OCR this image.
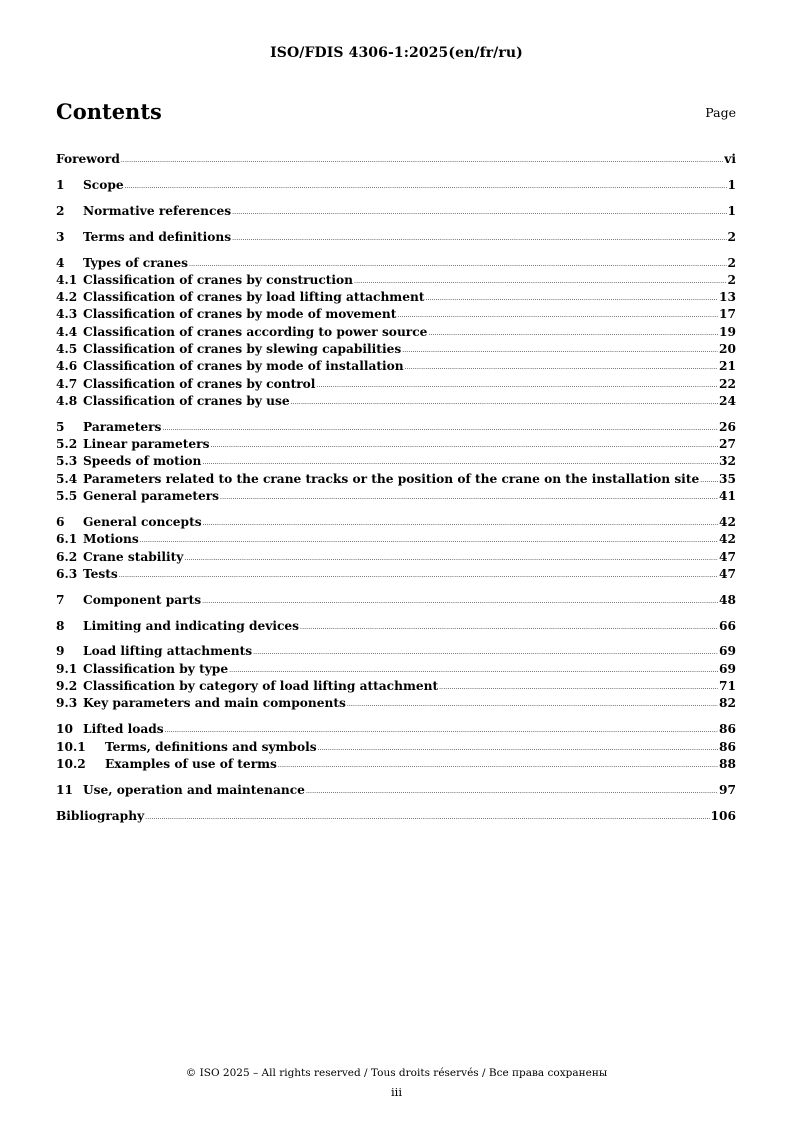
ISO/FDIS 4306-1:2025(en/fr/ru)
Contents	Page
Foreword .....	vi
1	Scope .....	1
2	Normative references .....	1
3	Terms and definitions .....	2
4	Types of cranes .....	2
4.1 Classification of cranes by construction .....	2
4.2 Classification of cranes by load lifting attachment .....	13
4.3 Classification of cranes by mode of movement .....	17
4.4 Classification of cranes according to power source .....	19
4.5 Classification of cranes by slewing capabilities .....	20
4.6 Classification of cranes by mode of installation .....	21
4.7 Classification of cranes by control .....	22
4.8 Classification of cranes by use .....	24
5	Parameters .....	26
5.2 Linear parameters .....	27
5.3 Speeds of motion .....	32
5.4 Parameters related to the crane tracks or the position of the crane on the installation site ..... 35
5.5 General parameters .....	41
6	General concepts .....	42
6.1 Motions .....	42
6.2 Crane stability .....	47
6.3 Tests .....	47
7	Component parts .....	48
8	Limiting and indicating devices .....	66
9	Load lifting attachments .....	69
9.1 Classification by type .....	69
9.2 Classification by category of load lifting attachment .....	71
9.3 Key parameters and main components .....	82
10 Lifted loads .....	86
10.1	Terms, definitions and symbols .....	86
10.2	Examples of use of terms .....	88
11 Use, operation and maintenance .....	97
Bibliography .....	106
© ISO 2025 – All rights reserved / Tous droits réservés / Все права сохранены
iii
